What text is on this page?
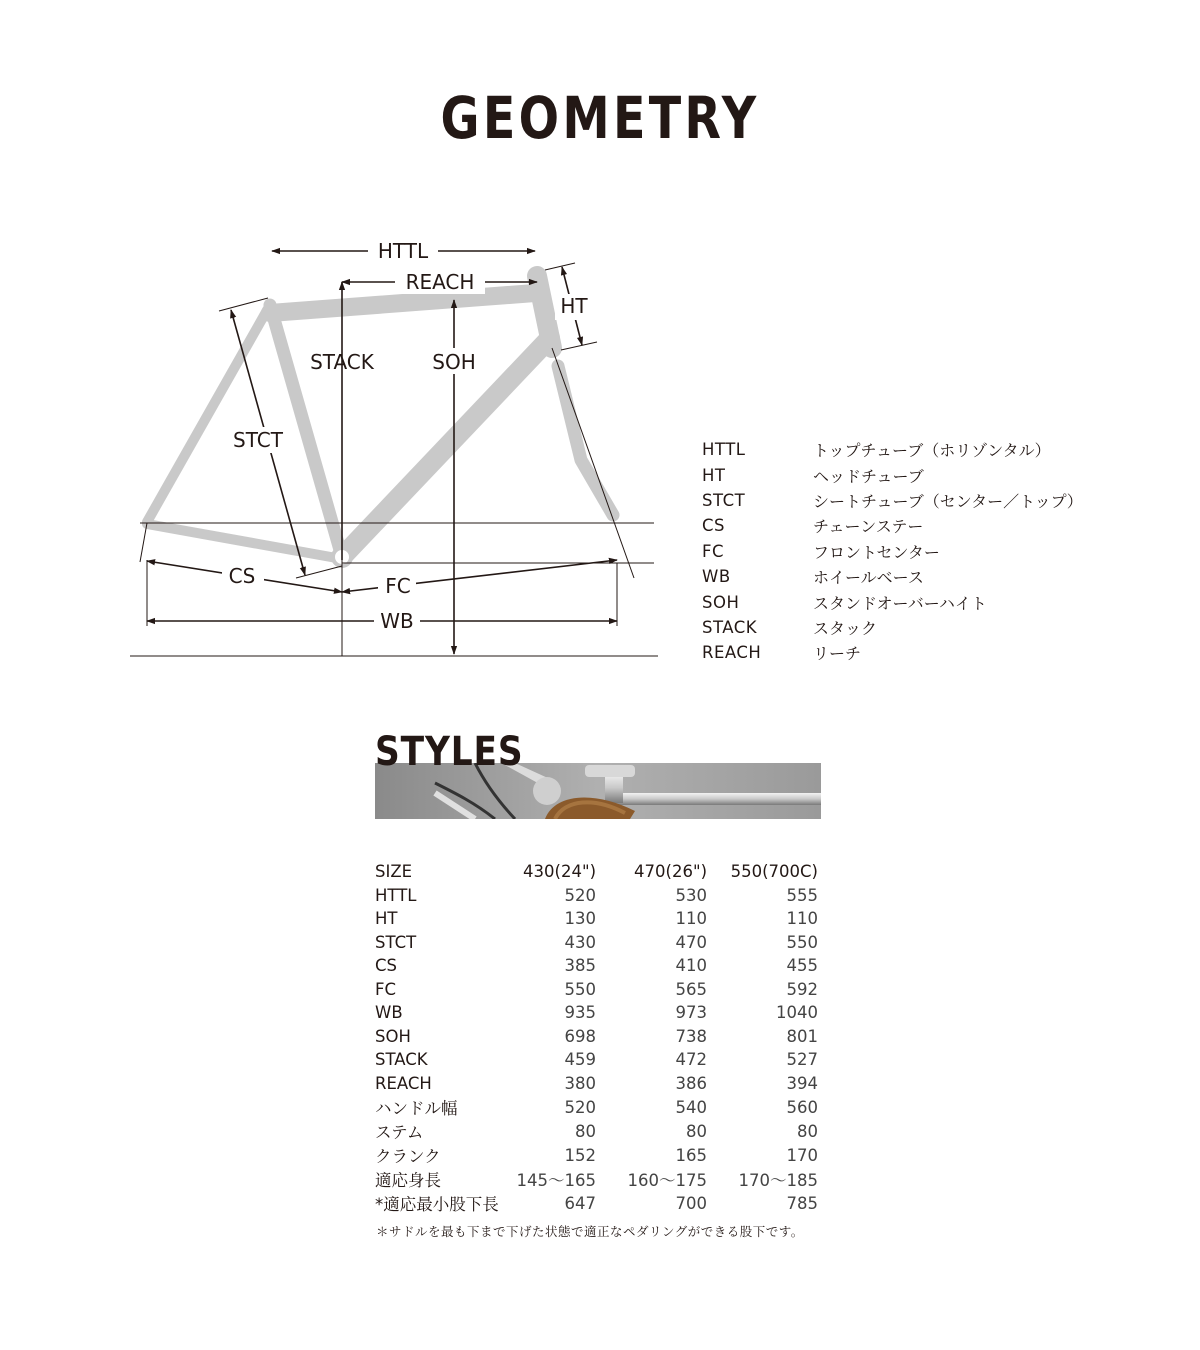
GEOMETRY
HTTL
REACH
HT
STACK	SOH
STCT
CS	FC
WB
HTTL	トップチューブ（ホリゾンタル）
HT	ヘッドチューブ
STCT	シートチューブ（センター／トップ）
CS	チェーンステー
FC	フロントセンター
WB	ホイールベース
SOH	スタンドオーバーハイト
STACK	スタック
REACH	リーチ
STYLES
SIZE	430(24")	470(26")	550(700C)
HTTL	520	530	555
HT	130	110	110
STCT	430	470	550
CS	385	410	455
FC	550	565	592
WB	935	973	1040
SOH	698	738	801
STACK	459	472	527
REACH	380	386	394
ハンドル幅	520	540	560
ステム	80	80	80
クランク	152	165	170
適応身長	145〜165	160〜175	170〜185
*適応最小股下長	647	700	785
＊サドルを最も下まで下げた状態で適正なペダリングができる股下です。
